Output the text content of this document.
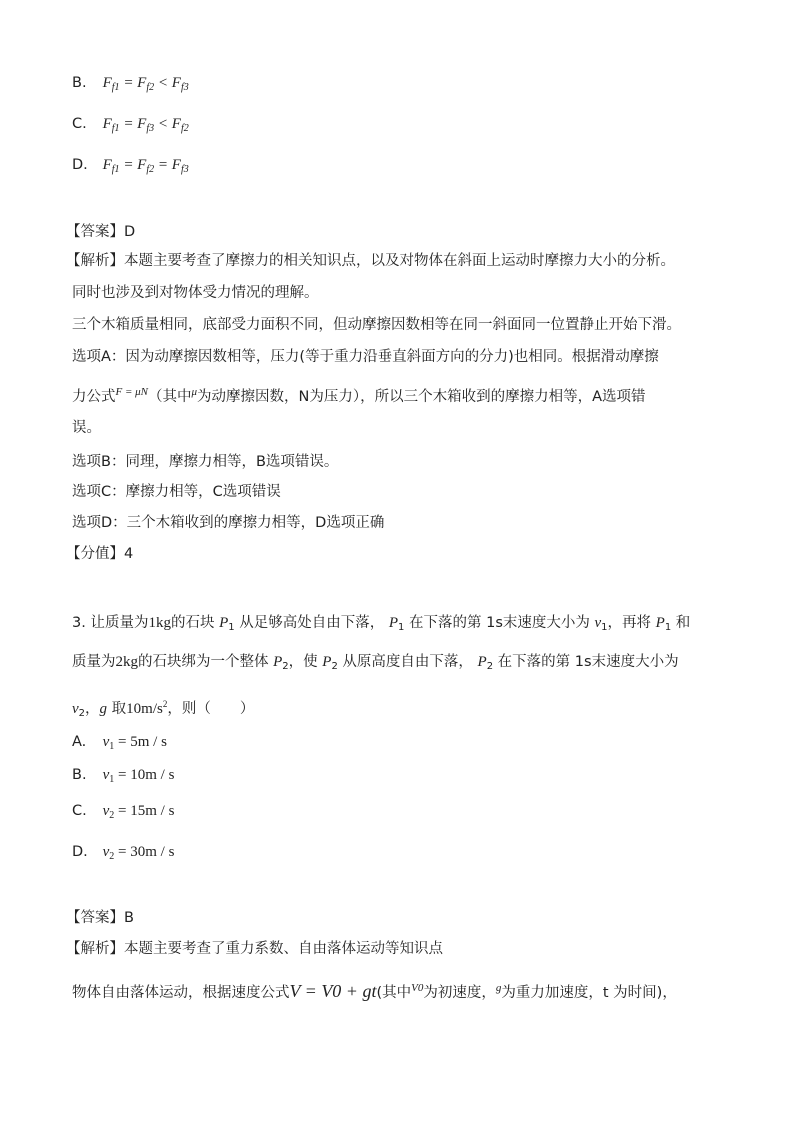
B. $F_{f1} = F_{f2} < F_{f3}$
C. $F_{f1} = F_{f3} < F_{f2}$
D. $F_{f1} = F_{f2} = F_{f3}$
【答案】D
【解析】本题主要考查了摩擦力的相关知识点，以及对物体在斜面上运动时摩擦力大小的分析。
同时也涉及到对物体受力情况的理解。
三个木箱质量相同，底部受力面积不同，但动摩擦因数相等在同一斜面同一位置静止开始下滑。
选项A：因为动摩擦因数相等，压力(等于重力沿垂直斜面方向的分力)也相同。根据滑动摩擦
力公式$^{F = \mu N}$（其中$^\mu$为动摩擦因数，N为压力），所以三个木箱收到的摩擦力相等，A选项错
误。
选项B：同理，摩擦力相等，B选项错误。
选项C：摩擦力相等，C选项错误
选项D：三个木箱收到的摩擦力相等，D选项正确
【分值】4
3. 让质量为1kg的石块 $P_1$ 从足够高处自由下落， $P_1$ 在下落的第 1s末速度大小为 $v_1$，再将 $P_1$ 和
质量为2kg的石块绑为一个整体 $P_2$，使 $P_2$ 从原高度自由下落， $P_2$ 在下落的第 1s末速度大小为
$v_2$，g 取$10m/s^2$，则（　　）
A. $v_1 = 5m / s$
B. $v_1 = 10m / s$
C. $v_2 = 15m / s$
D. $v_2 = 30m / s$
【答案】B
【解析】本题主要考查了重力系数、自由落体运动等知识点
物体自由落体运动，根据速度公式V = V0 + gt(其中$^{V0}$为初速度，$^g$为重力加速度，t 为时间)，
